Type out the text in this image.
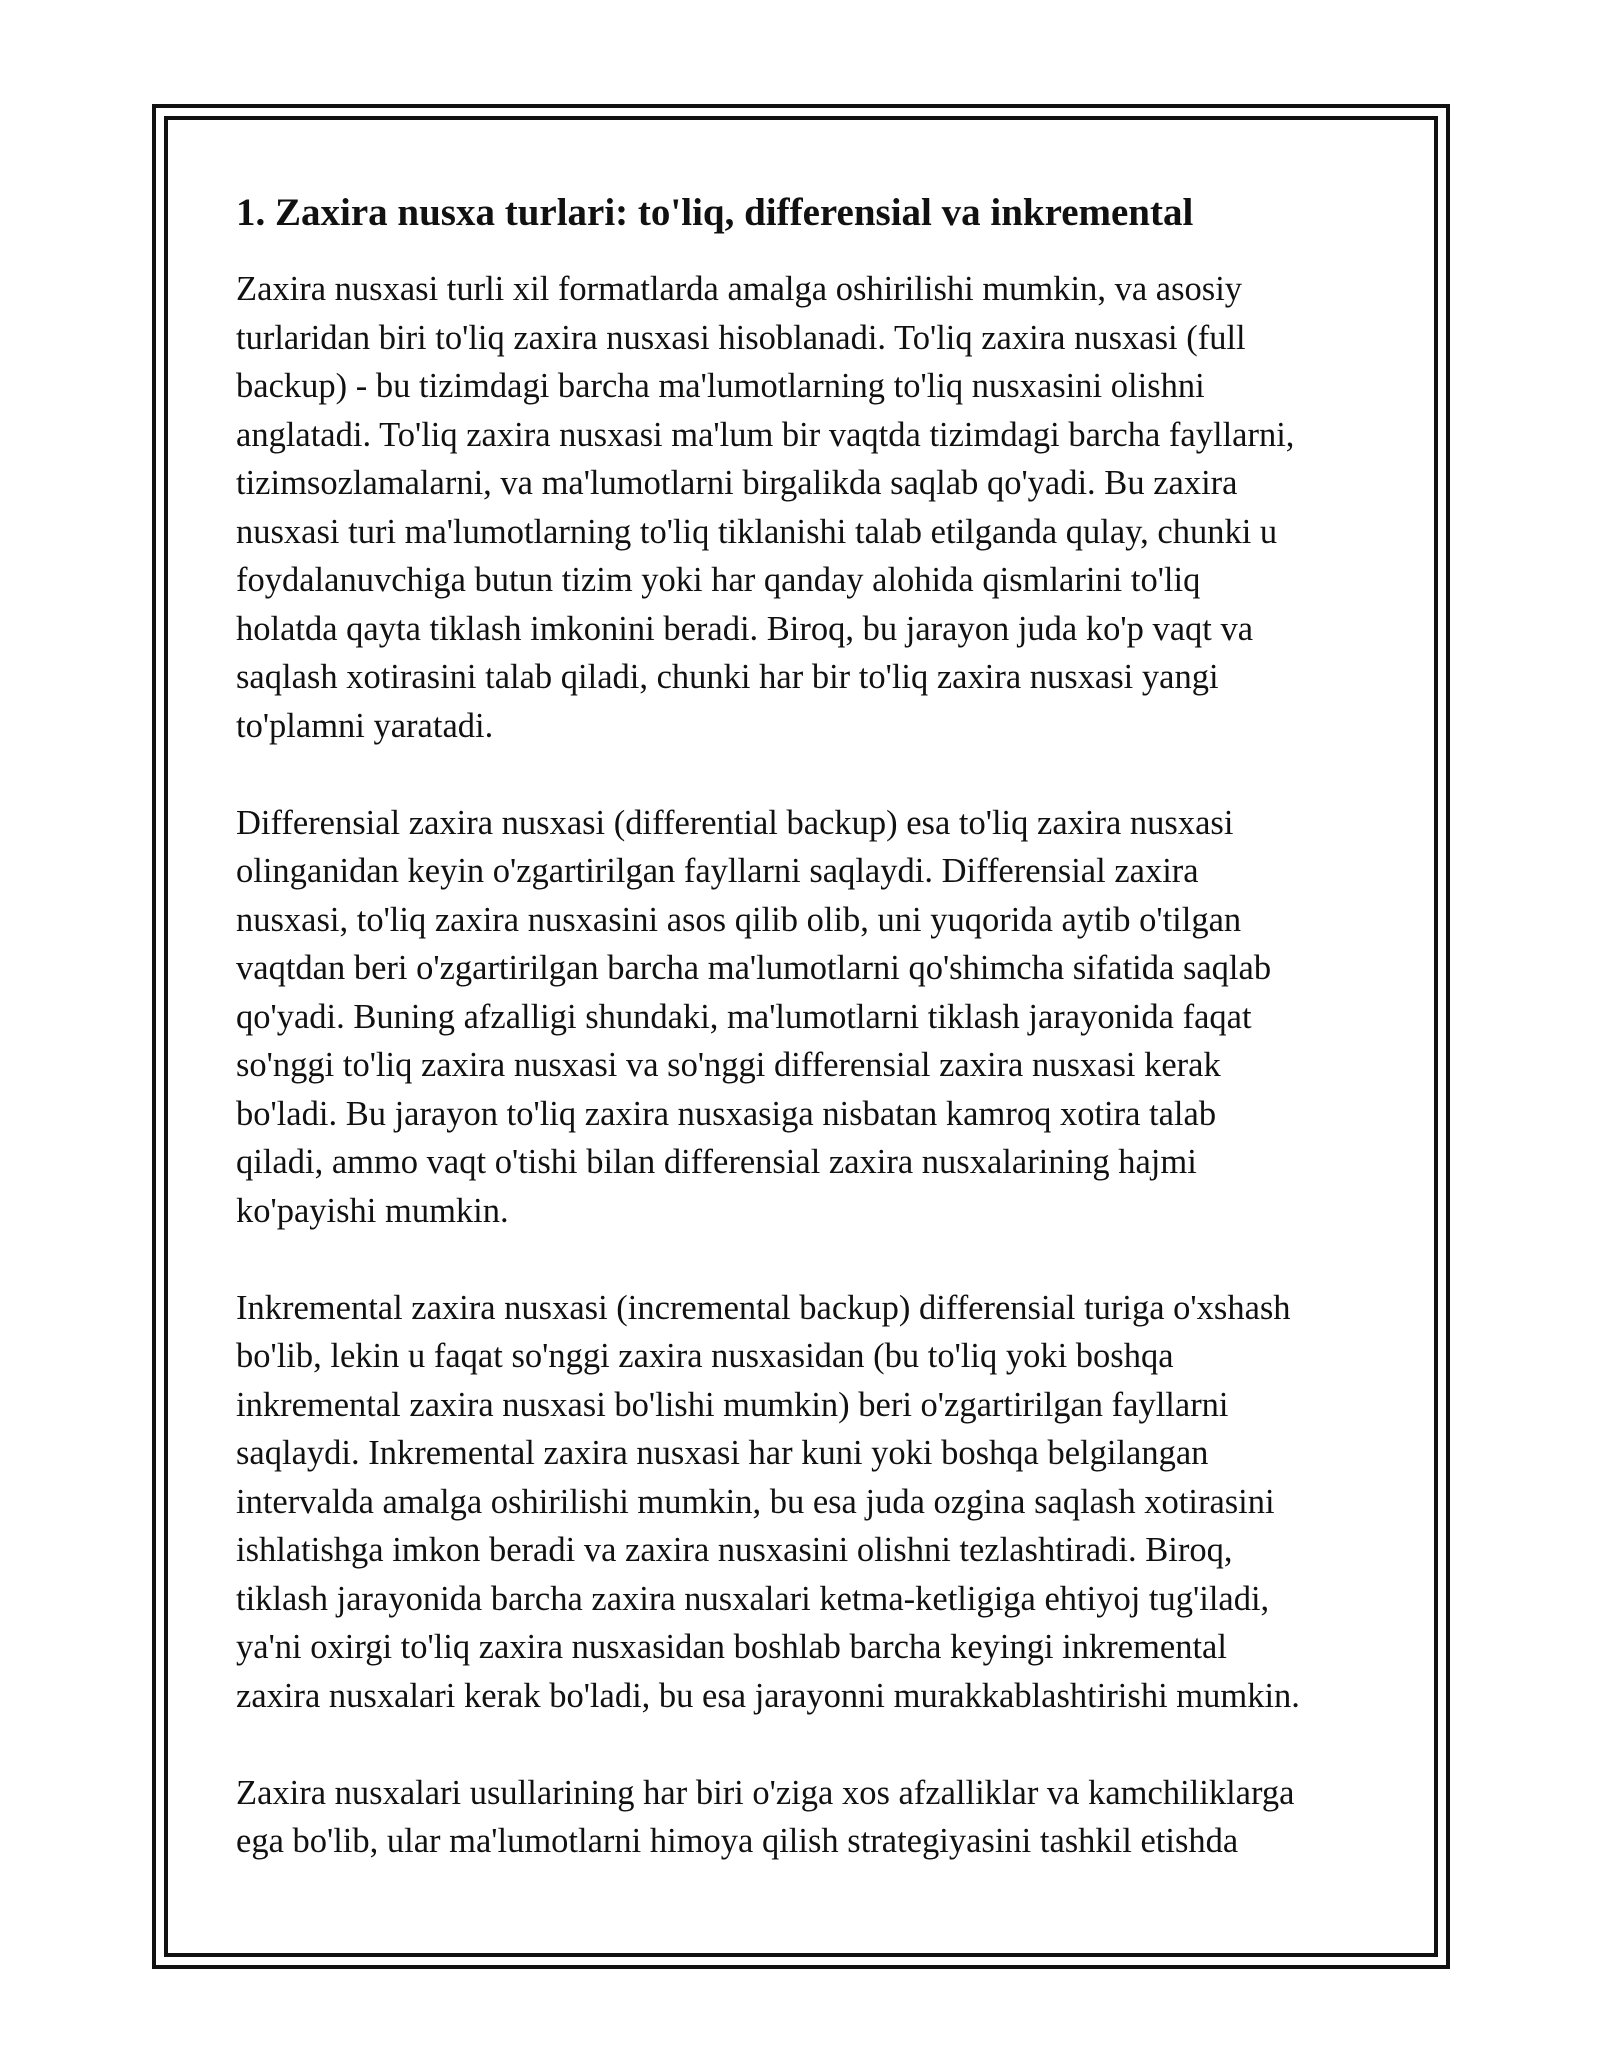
1. Zaxira nusxa turlari: to'liq, differensial va inkremental
Zaxira nusxasi turli xil formatlarda amalga oshirilishi mumkin, va asosiy
turlaridan biri to'liq zaxira nusxasi hisoblanadi. To'liq zaxira nusxasi (full
backup) - bu tizimdagi barcha ma'lumotlarning to'liq nusxasini olishni
anglatadi. To'liq zaxira nusxasi ma'lum bir vaqtda tizimdagi barcha fayllarni,
tizimsozlamalarni, va ma'lumotlarni birgalikda saqlab qo'yadi. Bu zaxira
nusxasi turi ma'lumotlarning to'liq tiklanishi talab etilganda qulay, chunki u
foydalanuvchiga butun tizim yoki har qanday alohida qismlarini to'liq
holatda qayta tiklash imkonini beradi. Biroq, bu jarayon juda ko'p vaqt va
saqlash xotirasini talab qiladi, chunki har bir to'liq zaxira nusxasi yangi
to'plamni yaratadi.
Differensial zaxira nusxasi (differential backup) esa to'liq zaxira nusxasi
olinganidan keyin o'zgartirilgan fayllarni saqlaydi. Differensial zaxira
nusxasi, to'liq zaxira nusxasini asos qilib olib, uni yuqorida aytib o'tilgan
vaqtdan beri o'zgartirilgan barcha ma'lumotlarni qo'shimcha sifatida saqlab
qo'yadi. Buning afzalligi shundaki, ma'lumotlarni tiklash jarayonida faqat
so'nggi to'liq zaxira nusxasi va so'nggi differensial zaxira nusxasi kerak
bo'ladi. Bu jarayon to'liq zaxira nusxasiga nisbatan kamroq xotira talab
qiladi, ammo vaqt o'tishi bilan differensial zaxira nusxalarining hajmi
ko'payishi mumkin.
Inkremental zaxira nusxasi (incremental backup) differensial turiga o'xshash
bo'lib, lekin u faqat so'nggi zaxira nusxasidan (bu to'liq yoki boshqa
inkremental zaxira nusxasi bo'lishi mumkin) beri o'zgartirilgan fayllarni
saqlaydi. Inkremental zaxira nusxasi har kuni yoki boshqa belgilangan
intervalda amalga oshirilishi mumkin, bu esa juda ozgina saqlash xotirasini
ishlatishga imkon beradi va zaxira nusxasini olishni tezlashtiradi. Biroq,
tiklash jarayonida barcha zaxira nusxalari ketma-ketligiga ehtiyoj tug'iladi,
ya'ni oxirgi to'liq zaxira nusxasidan boshlab barcha keyingi inkremental
zaxira nusxalari kerak bo'ladi, bu esa jarayonni murakkablashtirishi mumkin.
Zaxira nusxalari usullarining har biri o'ziga xos afzalliklar va kamchiliklarga
ega bo'lib, ular ma'lumotlarni himoya qilish strategiyasini tashkil etishda
